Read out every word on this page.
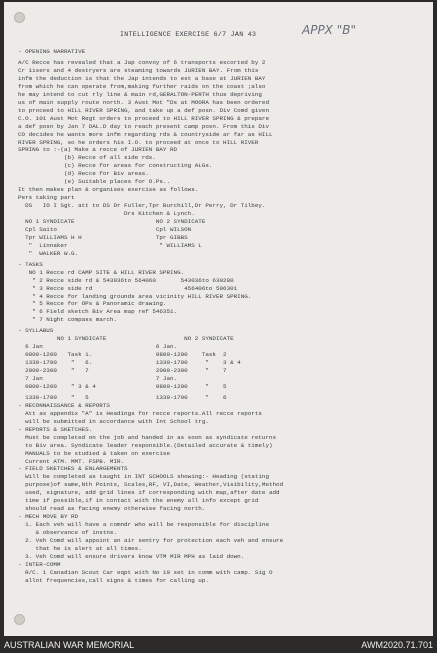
INTELLIGENCE EXERCISE 6/7 JAN 43	APPX "B"
- OPENING NARRATIVE
A/C Recce has revealed that a Jap convoy of 6 transports escorted by 2
Cr iisers and 4 destryers are steaming towards JURIEN BAY. From this
infm the deduction is that the Jap intends to est a base at JURIEN BAY
from which he can operate from,making further raids on the coast ;also
he may intend to cut rly line & main rd,GERALTON-PERTH thus depriving
us of main supply route north. 3 Aust Mot "Ds at MOORA has been ordered
to proceed to HILL RIVER SPRING, and take up a def posn. Div Comd given
C.O. 101 Aust Mot Regt orders to proceed to HILL RIVER SPRING & prepare
a def posn by Jan 7 DAL.D day to reach present camp posn. From this Div
CO decides he wants more infm regarding rds & countryside ar far as HILL
RIVER SPRING, so he orders his I.O. to proceed at once to HILL RIVER
SPRING to :-(a) Make a recce of JURIEN BAY RD
(b) Recce of all side rds.
(c) Recce for areas for constructing ALGs.
(d) Recce for Biv areas.
(e) Suitable places for O.Ps..
It then makes plan & organises exercise as follows.
Pers taking part
DS   IO I Sgt. att to DS Dr Fuller,Tpr Burchill,Dr Perry, Dr Tilbey.
Drs Kitchen & Lynch.
NO 1 SYNDICATE                       NO 2 SYNDICATE
Cpl Saito                            Cpl WILSON
Tpr WILLIAMS H H                     Tpr GIBBS
"  Linnaker                          " WILLIAMS L
"  WALKER W.G.
- TASKS
NO 1 Recce rd CAMP SITE & HILL RIVER SPRING.
" 2 Recce side rd & 543036to 564060       543036to 630280
" 3 Recce side rd                          456406to 506301
" 4 Recce for landing grounds area vicinity HILL RIVER SPRING.
" 5 Recce for OPs & Panoramic drawing.
" 6 Field sketch Biv Area map ref 546351.
" 7 Night compass march.
- SYLLABUS
NO 1 SYNDICATE                      NO 2 SYNDICATE
6 Jan                                6 Jan.
0800-1200   Task 1.                  0800-1200    Task  2
1330-1700    "   6.                  1330-1700     "    3 & 4
2000-2300    "   7                   2000-2300     "    7
7 Jan                                7 Jan.
0800-1200    " 3 & 4                 0800-1200     "    5
1330-1700    "   5                   1330-1700     "    6
- RECONNAISSANCE & REPORTS
Att as appendix "A" is Headings for recce reports.All recce reports
will be submitted in accordance with Int School trg.
- REPORTS & SKETCHES.
Must be completed on the job and handed in as soon as syndicate returns
to Biv area. Syndicate leader responsible.(Detailed accurate & timely)
MANUALS to be studied & taken on exercise
Current ATM. MMT. FSPB. MIR.
- FIELD SKETCHES & ENLARGEMENTS
Will be completed as taught in INT SCHOOLS showing:- Heading (stating
purpose)of same,Nth Points, Scales,RF, VI,Date, Weather,Visibility,Method
used, signature, add grid lines if corresponding with map,after date add
time if possible,if in contact with the enemy all info except grid
should read as facing enemy otherwise facing north.
- MECH MOVE BY RD
1. Each veh will have a comndr who will be responsible for discipline
& observance of instns.
2. Veh Comd will appoint an air sentry for protection each veh and ensure
that he is alert at all times.
3. Veh Comd will ensure drivers know VTM MIR MPH as laid down.
- INTER-COMM
R/C. 1 Canadian Scout Car eqpt with No 19 set in comm with camp. Sig O
allot frequencies,call signs & times for calling up.
AUSTRALIAN WAR MEMORIAL	AWM2020.71.701
